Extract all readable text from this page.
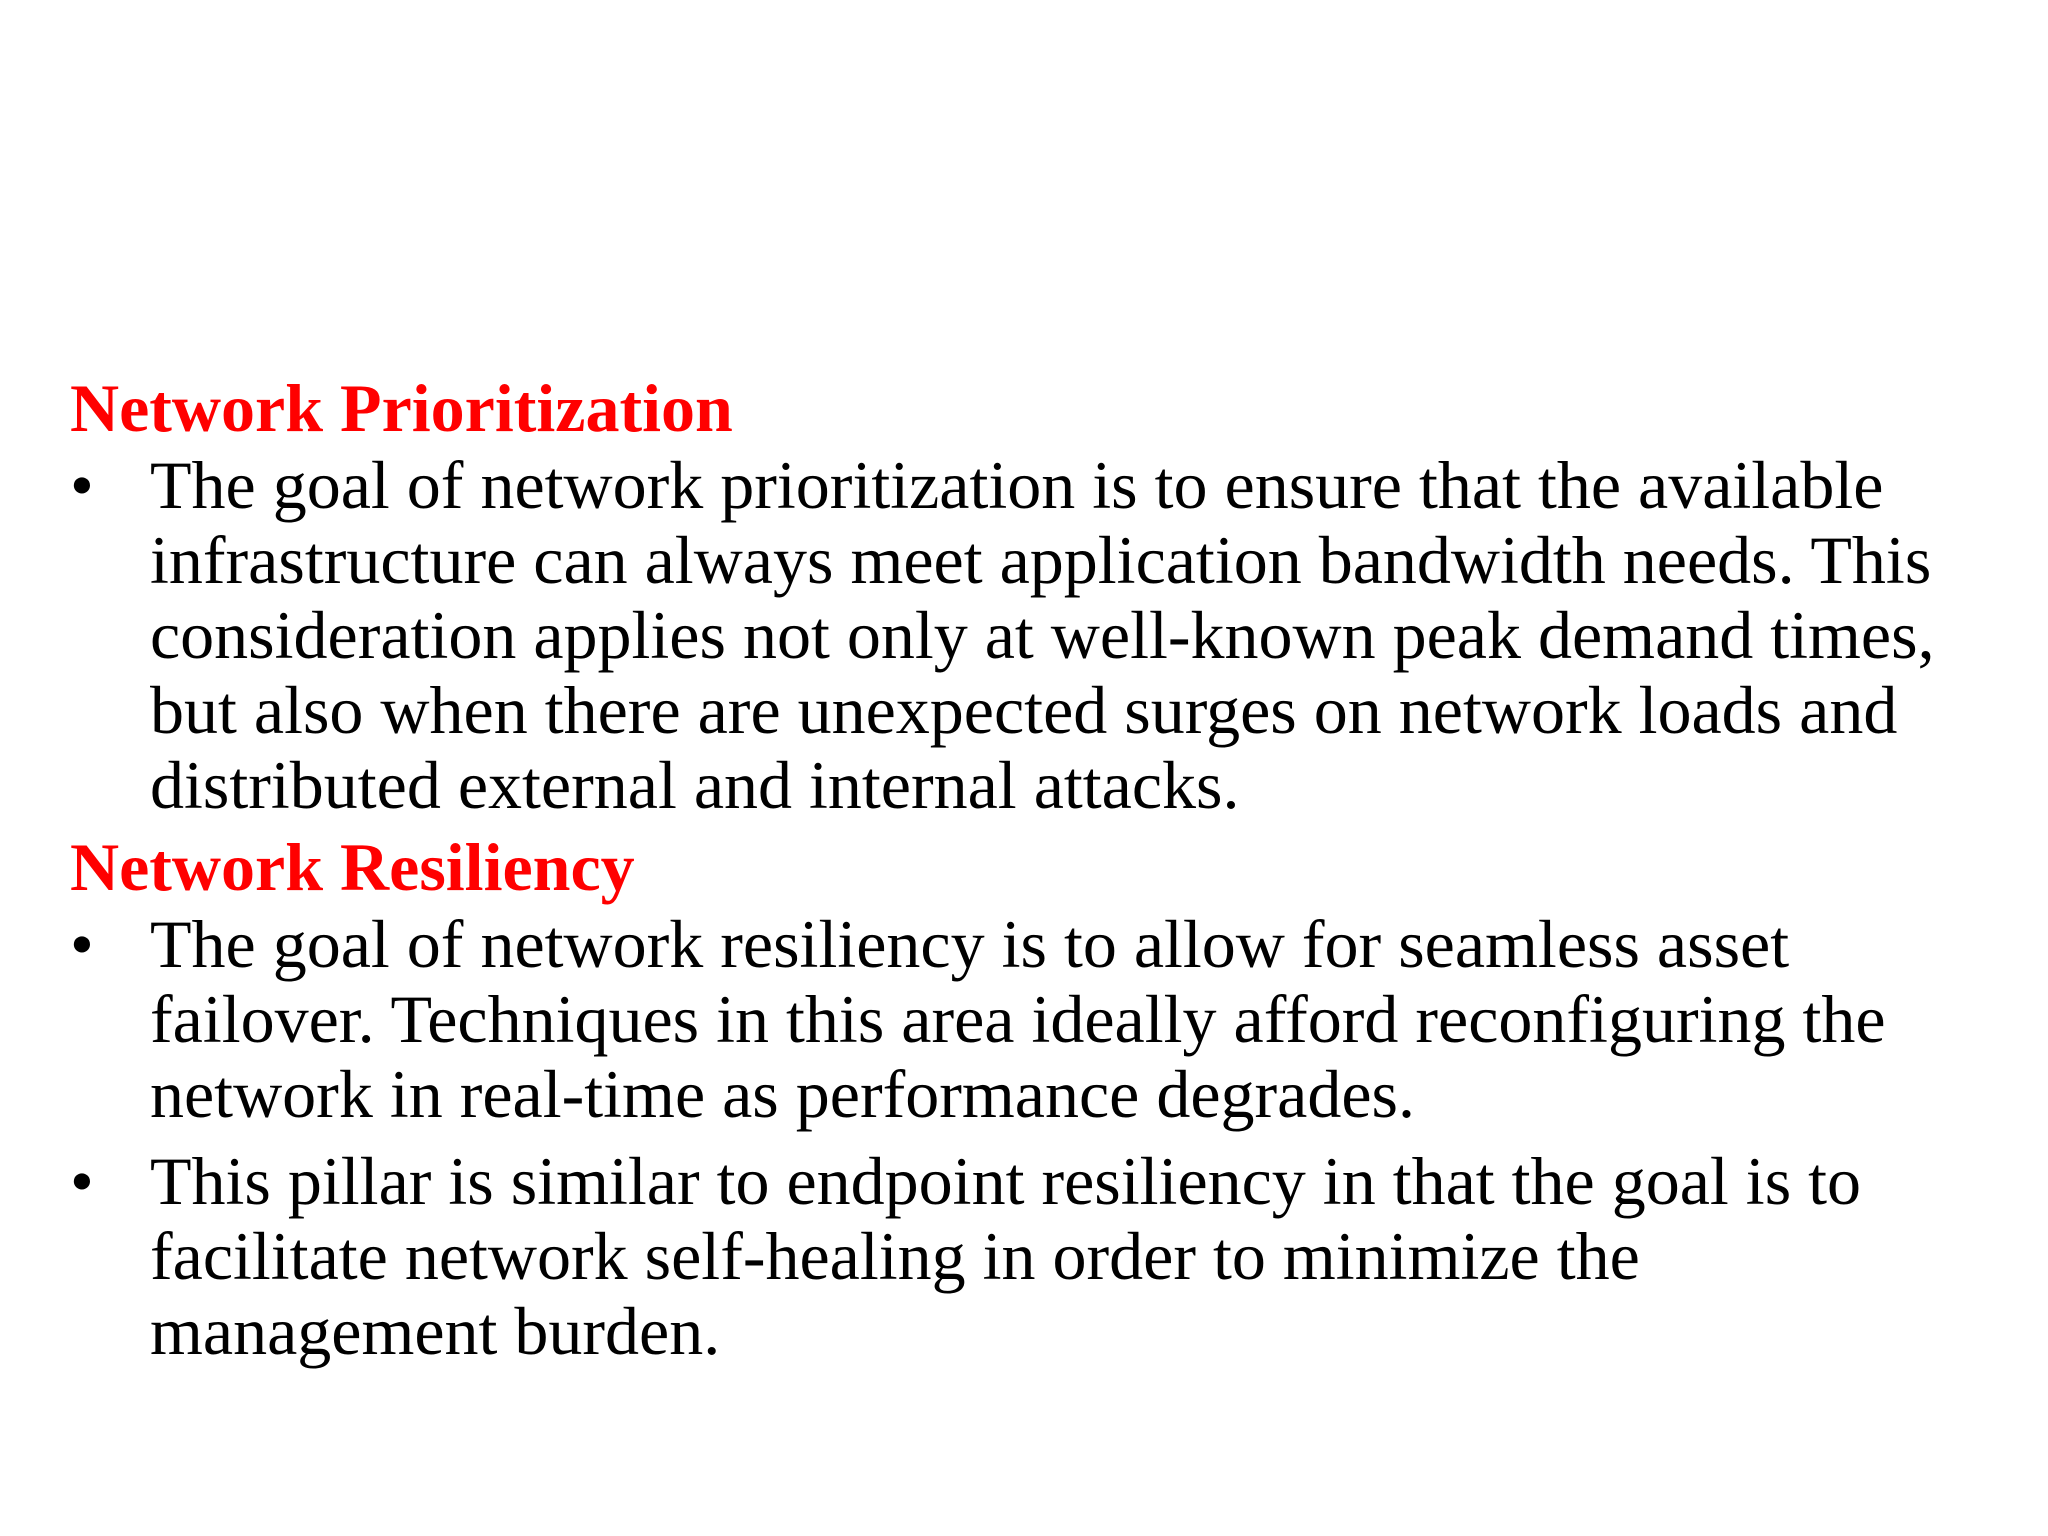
Network Prioritization
• The goal of network prioritization is to ensure that the available infrastructure can always meet application bandwidth needs. This consideration applies not only at well-known peak demand times, but also when there are unexpected surges on network loads and distributed external and internal attacks.
Network Resiliency
• The goal of network resiliency is to allow for seamless asset failover. Techniques in this area ideally afford reconfiguring the network in real-time as performance degrades.
• This pillar is similar to endpoint resiliency in that the goal is to facilitate network self-healing in order to minimize the management burden.
